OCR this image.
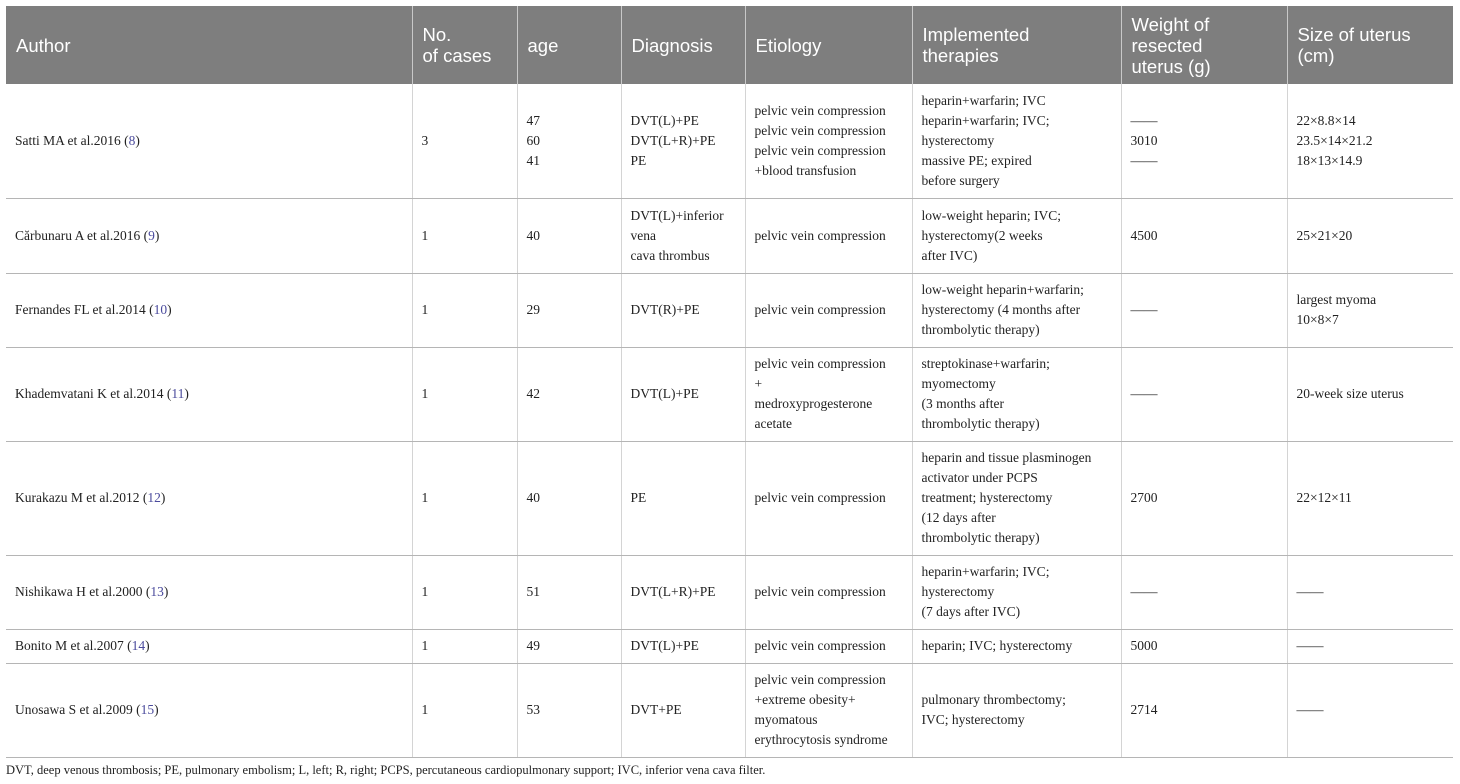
Author	No.
of cases	age	Diagnosis	Etiology	Implemented
therapies	Weight of
resected
uterus (g)	Size of uterus
(cm)
Satti MA et al.2016 (8)	3	47
60
41	DVT(L)+PE
DVT(L+R)+PE
PE	pelvic vein compression
pelvic vein compression
pelvic vein compression
+blood transfusion	heparin+warfarin; IVC
heparin+warfarin; IVC;
hysterectomy
massive PE; expired
before surgery	——
3010
——	22×8.8×14
23.5×14×21.2
18×13×14.9
Cărbunaru A et al.2016 (9)	1	40	DVT(L)+inferior
vena
cava thrombus	pelvic vein compression	low-weight heparin; IVC;
hysterectomy(2 weeks
after IVC)	4500	25×21×20
Fernandes FL et al.2014 (10)	1	29	DVT(R)+PE	pelvic vein compression	low-weight heparin+warfarin;
hysterectomy (4 months after
thrombolytic therapy)	——	largest myoma
10×8×7
Khademvatani K et al.2014 (11)	1	42	DVT(L)+PE	pelvic vein compression
+
medroxyprogesterone
acetate	streptokinase+warfarin;
myomectomy
(3 months after
thrombolytic therapy)	——	20-week size uterus
Kurakazu M et al.2012 (12)	1	40	PE	pelvic vein compression	heparin and tissue plasminogen
activator under PCPS
treatment; hysterectomy
(12 days after
thrombolytic therapy)	2700	22×12×11
Nishikawa H et al.2000 (13)	1	51	DVT(L+R)+PE	pelvic vein compression	heparin+warfarin; IVC;
hysterectomy
(7 days after IVC)	——	——
Bonito M et al.2007 (14)	1	49	DVT(L)+PE	pelvic vein compression	heparin; IVC; hysterectomy	5000	——
Unosawa S et al.2009 (15)	1	53	DVT+PE	pelvic vein compression
+extreme obesity+
myomatous
erythrocytosis syndrome	pulmonary thrombectomy;
IVC; hysterectomy	2714	——
DVT, deep venous thrombosis; PE, pulmonary embolism; L, left; R, right; PCPS, percutaneous cardiopulmonary support; IVC, inferior vena cava filter.
